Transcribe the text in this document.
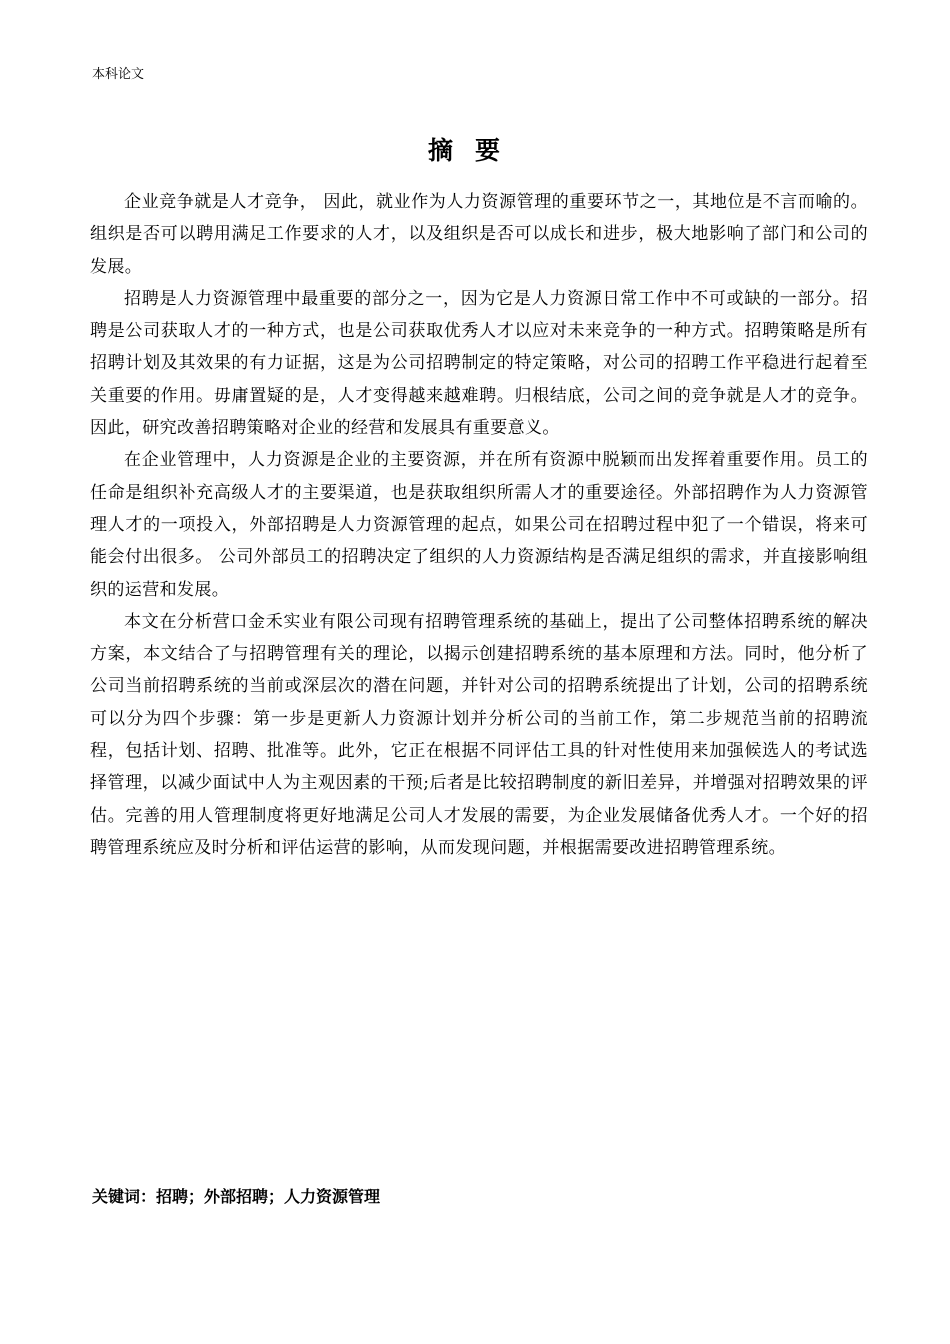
本科论文
摘要

企业竞争就是人才竞争， 因此，就业作为人力资源管理的重要环节之一，其地位是不言而喻的。 组织是否可以聘用满足工作要求的人才，以及组织是否可以成长和进步，极大地影响了部门和公司的发展。

招聘是人力资源管理中最重要的部分之一，因为它是人力资源日常工作中不可或缺的一部分。招聘是公司获取人才的一种方式，也是公司获取优秀人才以应对未来竞争的一种方式。招聘策略是所有招聘计划及其效果的有力证据，这是为公司招聘制定的特定策略，对公司的招聘工作平稳进行起着至关重要的作用。毋庸置疑的是，人才变得越来越难聘。归根结底，公司之间的竞争就是人才的竞争。因此，研究改善招聘策略对企业的经营和发展具有重要意义。

在企业管理中，人力资源是企业的主要资源，并在所有资源中脱颖而出发挥着重要作用。员工的任命是组织补充高级人才的主要渠道，也是获取组织所需人才的重要途径。外部招聘作为人力资源管理人才的一项投入，外部招聘是人力资源管理的起点，如果公司在招聘过程中犯了一个错误，将来可能会付出很多。 公司外部员工的招聘决定了组织的人力资源结构是否满足组织的需求，并直接影响组织的运营和发展。

本文在分析营口金禾实业有限公司现有招聘管理系统的基础上，提出了公司整体招聘系统的解决方案，本文结合了与招聘管理有关的理论，以揭示创建招聘系统的基本原理和方法。同时，他分析了公司当前招聘系统的当前或深层次的潜在问题，并针对公司的招聘系统提出了计划，公司的招聘系统可以分为四个步骤：第一步是更新人力资源计划并分析公司的当前工作，第二步规范当前的招聘流程，包括计划、招聘、批准等。此外，它正在根据不同评估工具的针对性使用来加强候选人的考试选择管理，以减少面试中人为主观因素的干预;后者是比较招聘制度的新旧差异，并增强对招聘效果的评估。完善的用人管理制度将更好地满足公司人才发展的需要，为企业发展储备优秀人才。一个好的招聘管理系统应及时分析和评估运营的影响，从而发现问题，并根据需要改进招聘管理系统。

关键词：招聘；外部招聘；人力资源管理
